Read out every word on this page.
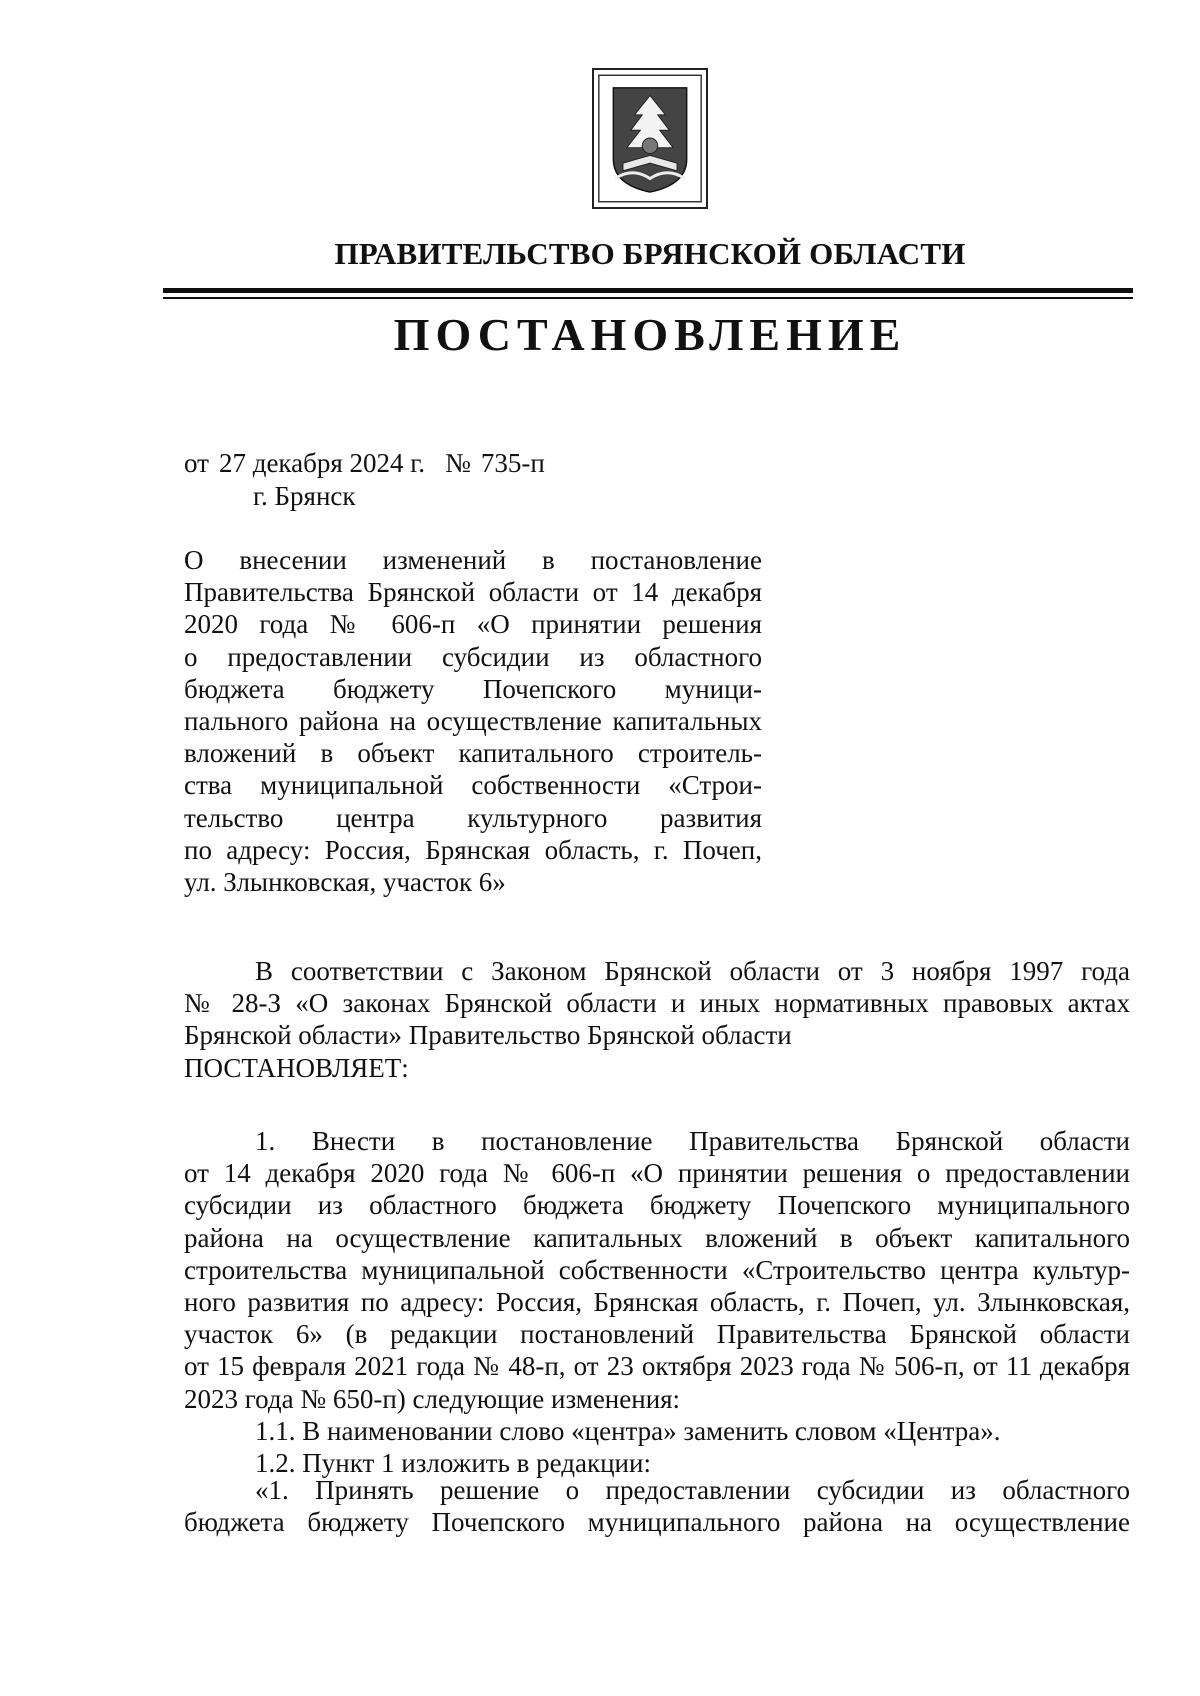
ПРАВИТЕЛЬСТВО БРЯНСКОЙ ОБЛАСТИ
ПОСТАНОВЛЕНИЕ
от 27 декабря 2024 г. № 735-п
г. Брянск
О внесении изменений в постановление
Правительства Брянской области от 14 декабря
2020 года № 606-п «О принятии решения
о предоставлении субсидии из областного
бюджета бюджету Почепского муници-
пального района на осуществление капитальных
вложений в объект капитального строитель-
ства муниципальной собственности «Строи-
тельство центра культурного развития
по адресу: Россия, Брянская область, г. Почеп,
ул. Злынковская, участок 6»
В соответствии с Законом Брянской области от 3 ноября 1997 года
№ 28-З «О законах Брянской области и иных нормативных правовых актах
Брянской области» Правительство Брянской области
ПОСТАНОВЛЯЕТ:
1. Внести в постановление Правительства Брянской области
от 14 декабря 2020 года № 606-п «О принятии решения о предоставлении
субсидии из областного бюджета бюджету Почепского муниципального
района на осуществление капитальных вложений в объект капитального
строительства муниципальной собственности «Строительство центра культур-
ного развития по адресу: Россия, Брянская область, г. Почеп, ул. Злынковская,
участок 6» (в редакции постановлений Правительства Брянской области
от 15 февраля 2021 года № 48-п, от 23 октября 2023 года № 506-п, от 11 декабря
2023 года № 650-п) следующие изменения:
1.1. В наименовании слово «центра» заменить словом «Центра».
1.2. Пункт 1 изложить в редакции:
«1. Принять решение о предоставлении субсидии из областного
бюджета бюджету Почепского муниципального района на осуществление
